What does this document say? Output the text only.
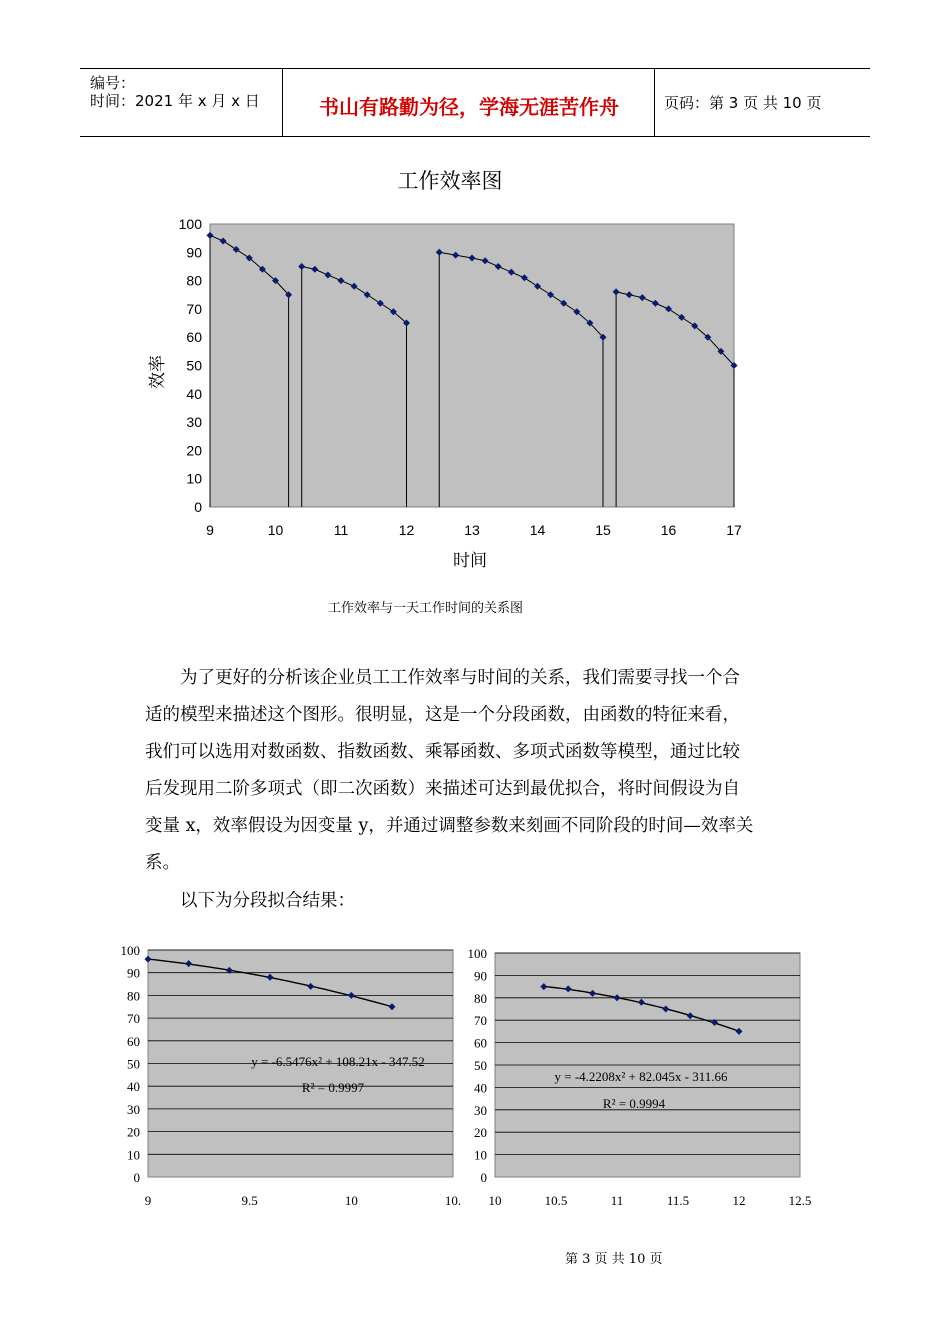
编号：
时间：2021 年 x 月 x 日	书山有路勤为径，学海无涯苦作舟	页码：第 3 页 共 10 页
工作效率图
0
10
20
30
40
50
60
70
80
90
100
9	10	11	12	13	14	15	16	17
效率
时间
工作效率与一天工作时间的关系图
为了更好的分析该企业员工工作效率与时间的关系，我们需要寻找一个合
适的模型来描述这个图形。很明显，这是一个分段函数，由函数的特征来看，
我们可以选用对数函数、指数函数、乘幂函数、多项式函数等模型，通过比较
后发现用二阶多项式（即二次函数）来描述可达到最优拟合，将时间假设为自
变量 x，效率假设为因变量 y，并通过调整参数来刻画不同阶段的时间—效率关
系。
以下为分段拟合结果：
0
10
20
30
40
50
60
70
80
90
100
9	9.5	10	10.
y = -6.5476x² + 108.21x - 347.52
R² = 0.9997
0
10
20
30
40
50
60
70
80
90
100
10	10.5	11	11.5	12	12.5
y = -4.2208x² + 82.045x - 311.66
R² = 0.9994
第 3 页 共 10 页
